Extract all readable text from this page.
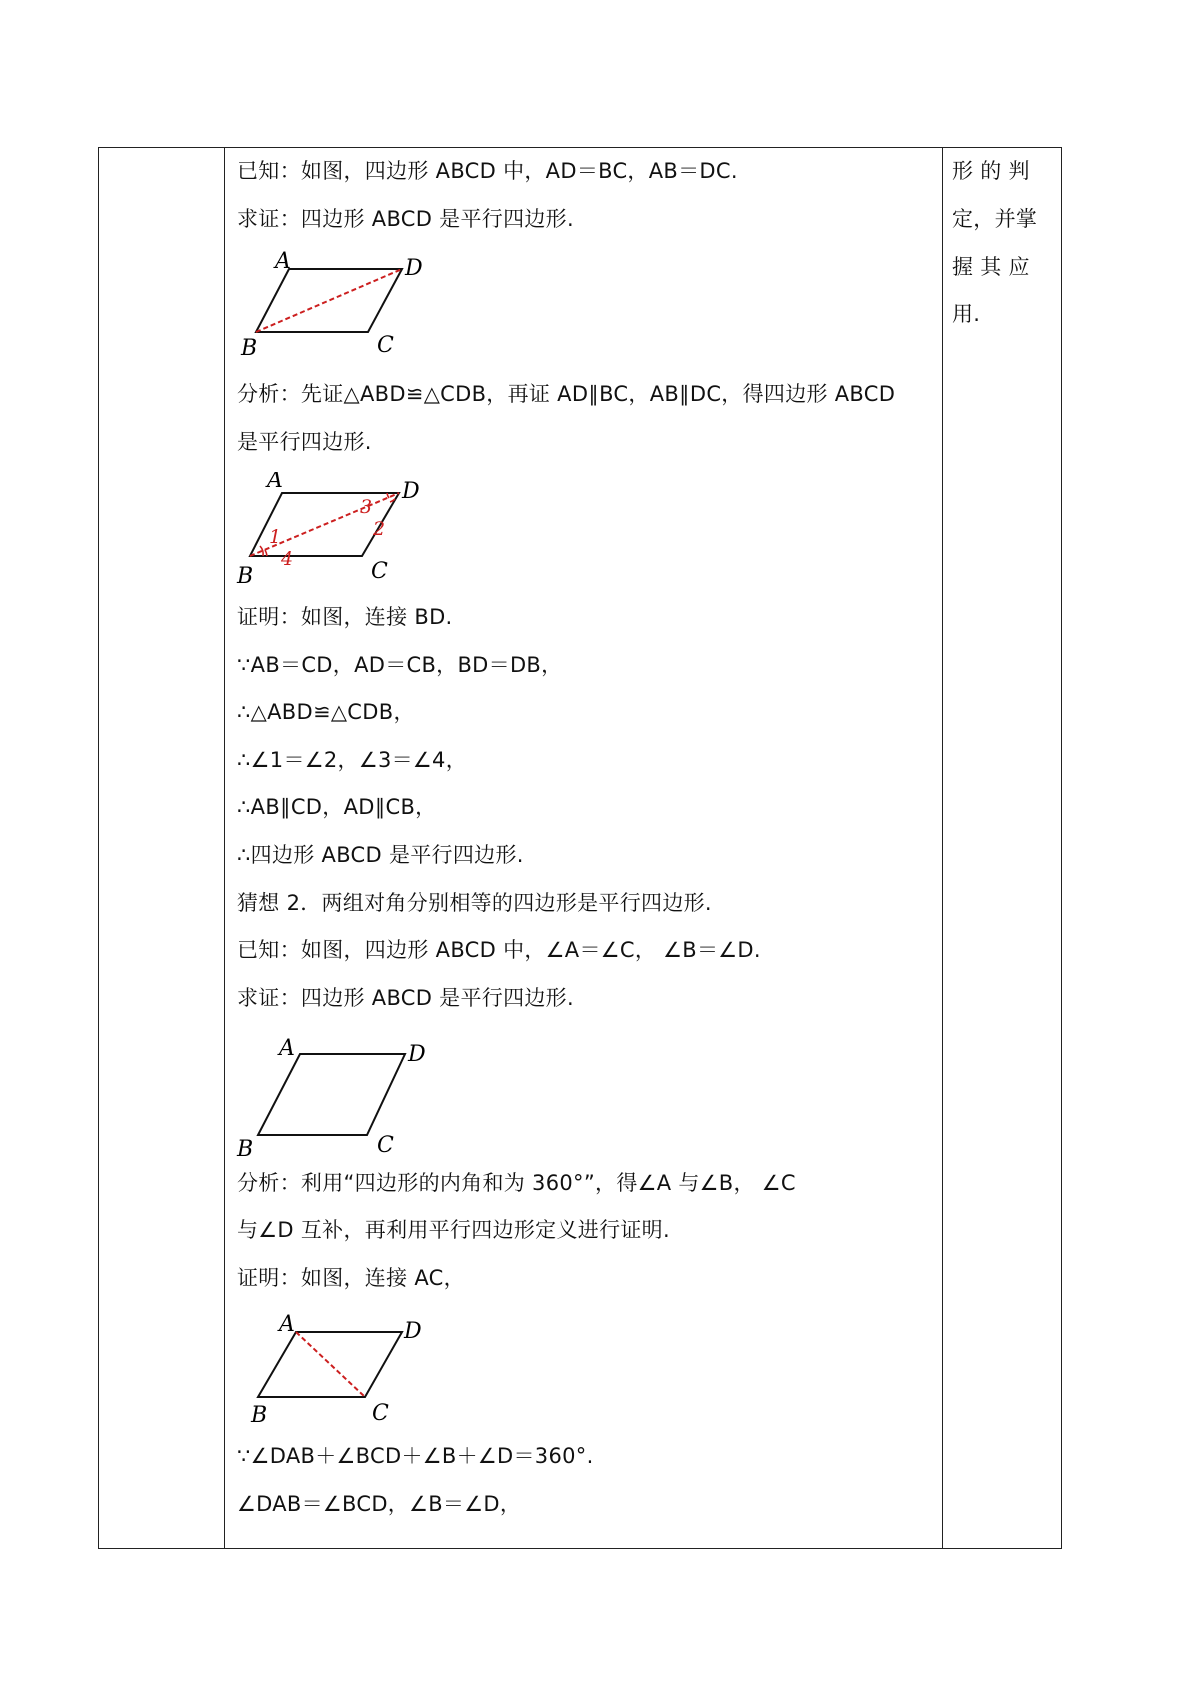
已知：如图，四边形 ABCD 中，AD＝BC，AB＝DC.
求证：四边形 ABCD 是平行四边形.
A	D
B	C
分析：先证△ABD≌△CDB，再证 AD∥BC，AB∥DC，得四边形 ABCD
是平行四边形.
A	D
B	C
1
4
3
2
证明：如图，连接 BD.
∵AB＝CD，AD＝CB，BD＝DB，
∴△ABD≌△CDB，
∴∠1＝∠2，∠3＝∠4，
∴AB∥CD，AD∥CB，
∴四边形 ABCD 是平行四边形.
猜想 2．两组对角分别相等的四边形是平行四边形.
已知：如图，四边形 ABCD 中，∠A＝∠C， ∠B＝∠D.
求证：四边形 ABCD 是平行四边形.
A	D
B	C
分析：利用“四边形的内角和为 360°”，得∠A 与∠B， ∠C
与∠D 互补，再利用平行四边形定义进行证明.
证明：如图，连接 AC，
A	D
B	C
∵∠DAB＋∠BCD＋∠B＋∠D＝360°.
∠DAB＝∠BCD，∠B＝∠D，
形 的 判
定，并掌
握 其 应
用.
